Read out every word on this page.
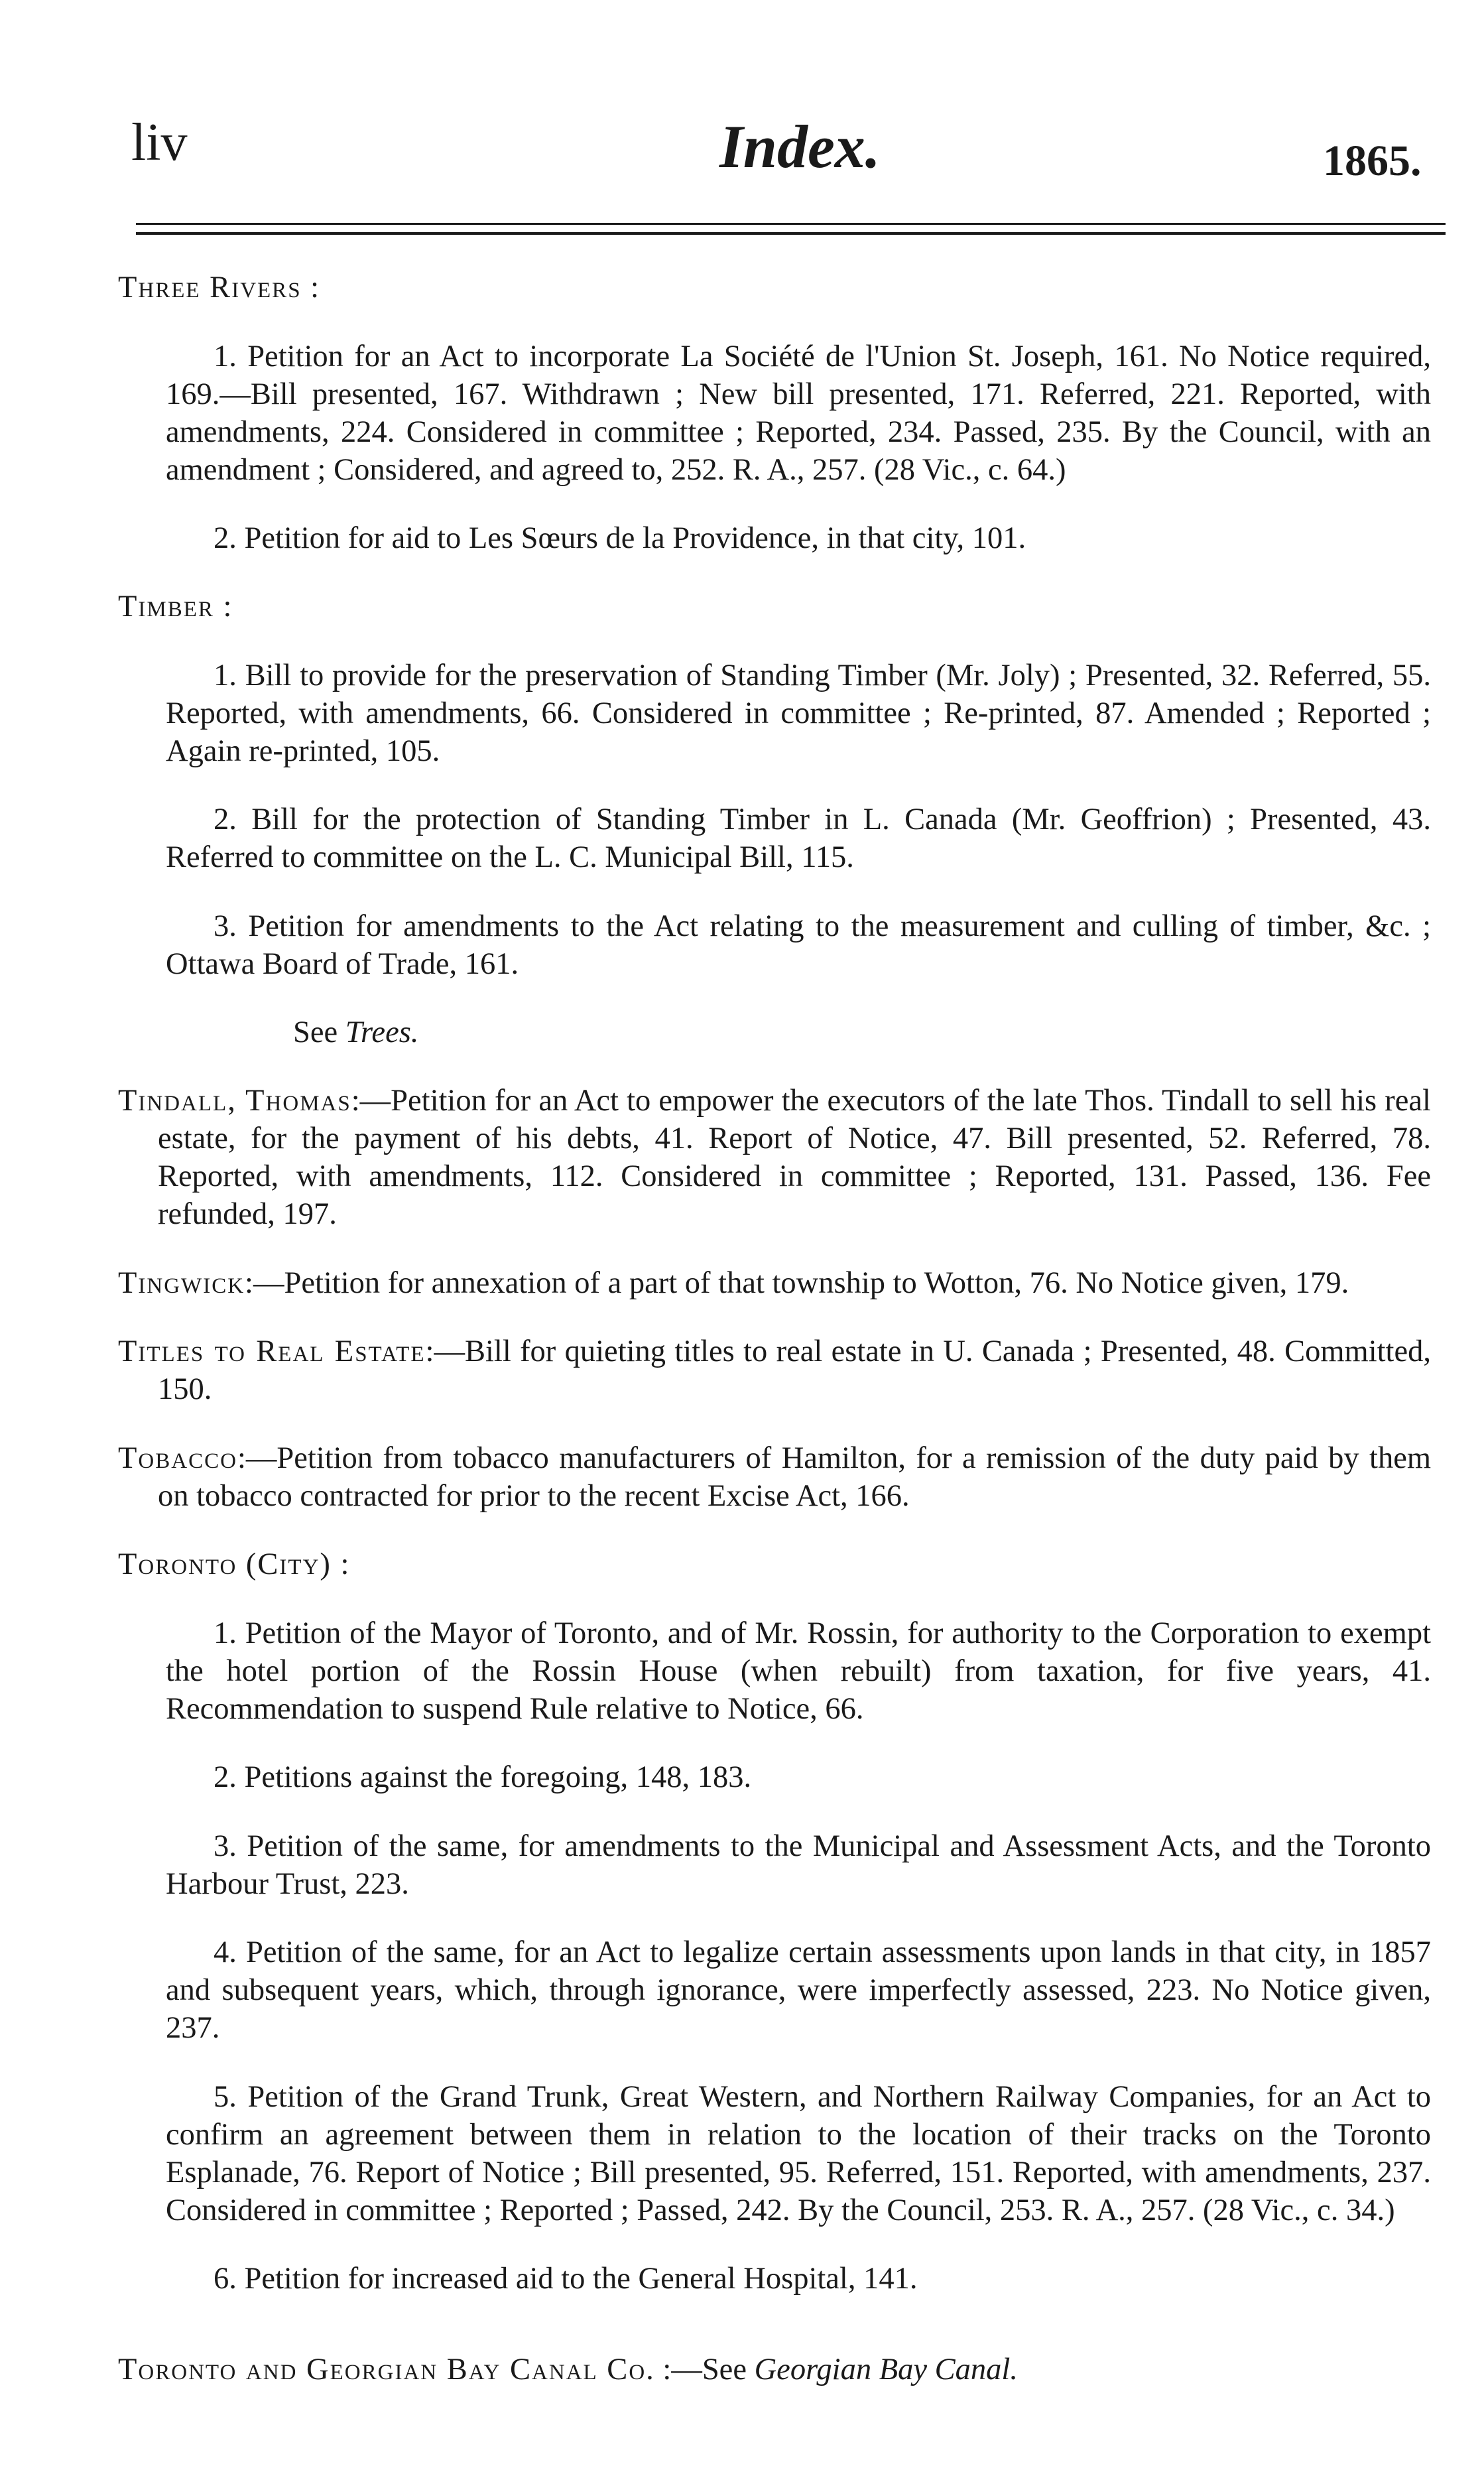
liv	Index.	1865.
Three Rivers :

1. Petition for an Act to incorporate La Société de l'Union St. Joseph, 161. No Notice required, 169.—Bill presented, 167. Withdrawn ; New bill presented, 171. Referred, 221. Reported, with amendments, 224. Considered in committee ; Reported, 234. Passed, 235. By the Council, with an amendment ; Considered, and agreed to, 252. R. A., 257. (28 Vic., c. 64.)

2. Petition for aid to Les Sœurs de la Providence, in that city, 101.

Timber :

1. Bill to provide for the preservation of Standing Timber (Mr. Joly) ; Presented, 32. Referred, 55. Reported, with amendments, 66. Considered in committee ; Re-printed, 87. Amended ; Reported ; Again re-printed, 105.

2. Bill for the protection of Standing Timber in L. Canada (Mr. Geoffrion) ; Presented, 43. Referred to committee on the L. C. Municipal Bill, 115.

3. Petition for amendments to the Act relating to the measurement and culling of timber, &c. ; Ottawa Board of Trade, 161.

See Trees.

Tindall, Thomas:—Petition for an Act to empower the executors of the late Thos. Tindall to sell his real estate, for the payment of his debts, 41. Report of Notice, 47. Bill presented, 52. Referred, 78. Reported, with amendments, 112. Considered in committee ; Reported, 131. Passed, 136. Fee refunded, 197.

Tingwick:—Petition for annexation of a part of that township to Wotton, 76. No Notice given, 179.

Titles to Real Estate:—Bill for quieting titles to real estate in U. Canada ; Presented, 48. Committed, 150.

Tobacco:—Petition from tobacco manufacturers of Hamilton, for a remission of the duty paid by them on tobacco contracted for prior to the recent Excise Act, 166.

Toronto (City) :

1. Petition of the Mayor of Toronto, and of Mr. Rossin, for authority to the Corporation to exempt the hotel portion of the Rossin House (when rebuilt) from taxation, for five years, 41. Recommendation to suspend Rule relative to Notice, 66.

2. Petitions against the foregoing, 148, 183.

3. Petition of the same, for amendments to the Municipal and Assessment Acts, and the Toronto Harbour Trust, 223.

4. Petition of the same, for an Act to legalize certain assessments upon lands in that city, in 1857 and subsequent years, which, through ignorance, were imperfectly assessed, 223. No Notice given, 237.

5. Petition of the Grand Trunk, Great Western, and Northern Railway Companies, for an Act to confirm an agreement between them in relation to the location of their tracks on the Toronto Esplanade, 76. Report of Notice ; Bill presented, 95. Referred, 151. Reported, with amendments, 237. Considered in committee ; Reported ; Passed, 242. By the Council, 253. R. A., 257. (28 Vic., c. 34.)

6. Petition for increased aid to the General Hospital, 141.

Toronto and Georgian Bay Canal Co. :—See Georgian Bay Canal.
